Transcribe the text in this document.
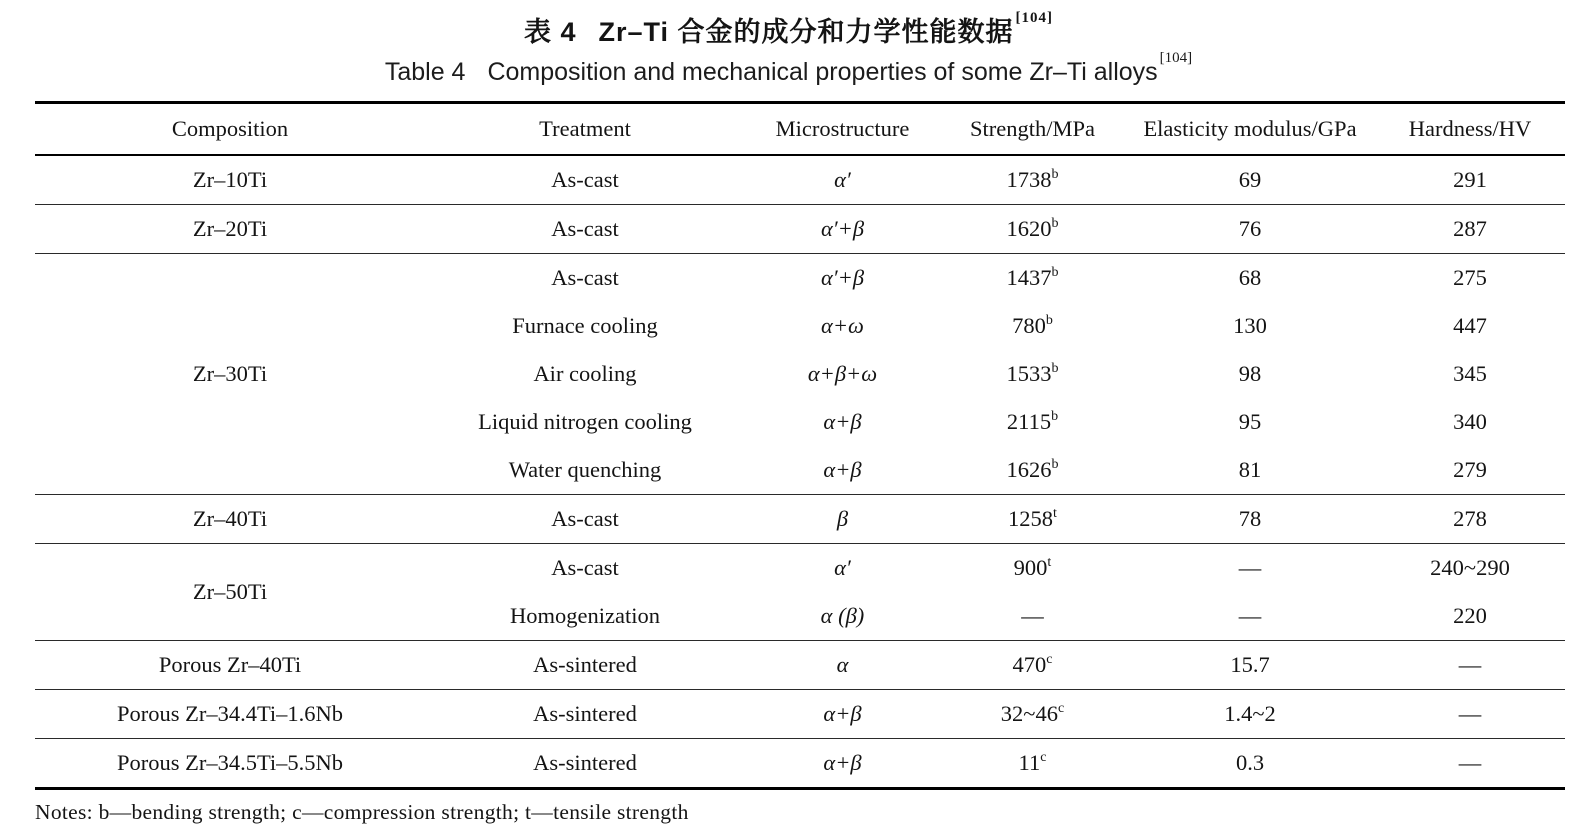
表 4 Zr–Ti 合金的成分和力学性能数据 [104]
Table 4 Composition and mechanical properties of some Zr–Ti alloys[104]
Composition	Treatment	Microstructure	Strength/MPa	Elasticity modulus/GPa	Hardness/HV
Zr–10Ti	As-cast	α′	1738$^b$	69	291
Zr–20Ti	As-cast	α′+β	1620$^b$	76	287
Zr–30Ti	As-cast	α′+β	1437$^b$	68	275
	Furnace cooling	α+ω	780$^b$	130	447
	Air cooling	α+β+ω	1533$^b$	98	345
	Liquid nitrogen cooling	α+β	2115$^b$	95	340
	Water quenching	α+β	1626$^b$	81	279
Zr–40Ti	As-cast	β	1258$^t$	78	278
Zr–50Ti	As-cast	α′	900$^t$	—	240~290
	Homogenization	α (β)	—	—	220
Porous Zr–40Ti	As-sintered	α	470$^c$	15.7	—
Porous Zr–34.4Ti–1.6Nb	As-sintered	α+β	32~46$^c$	1.4~2	—
Porous Zr–34.5Ti–5.5Nb	As-sintered	α+β	11$^c$	0.3	—
Notes: b—bending strength; c—compression strength; t—tensile strength
